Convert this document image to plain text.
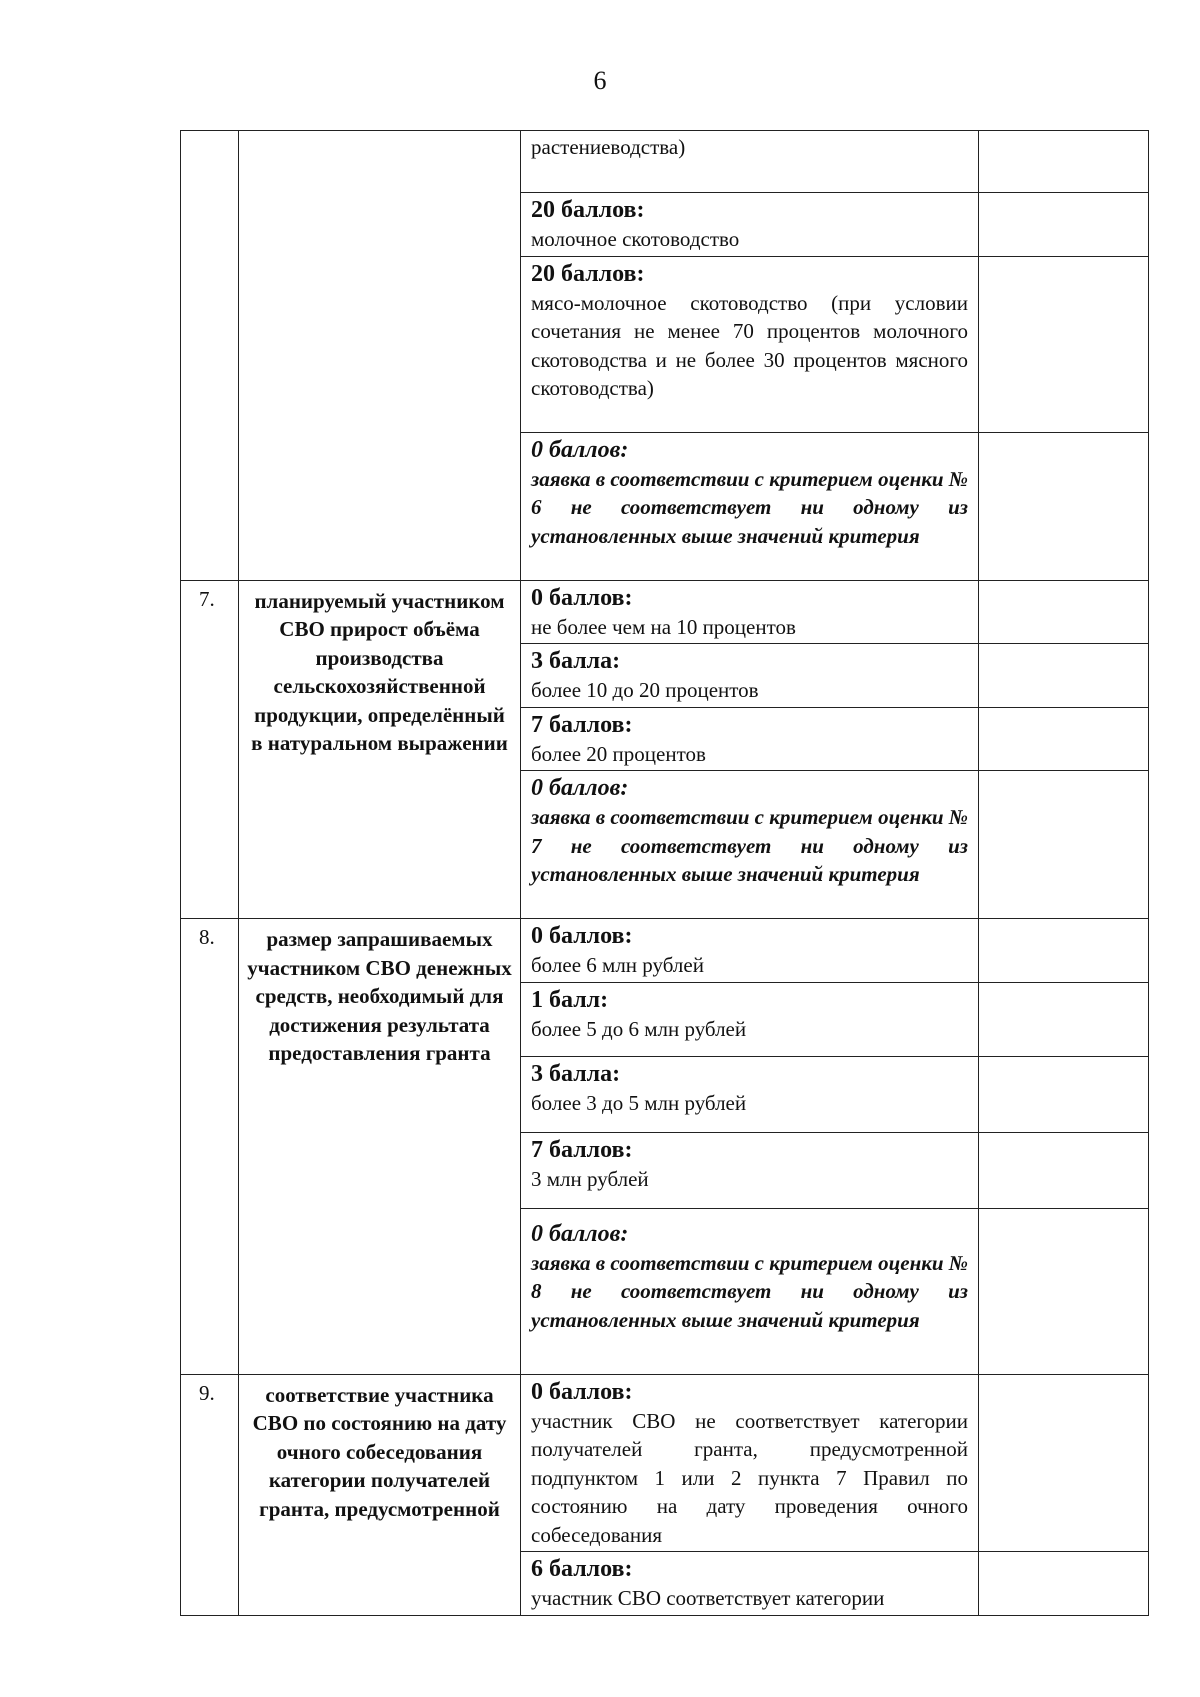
6

		растениеводства)	

		20 баллов:
молочное скотоводство	

		20 баллов:
мясо-молочное скотоводство (при условии сочетания не менее 70 процентов молочного скотоводства и не более 30 процентов мясного скотоводства)	

		0 баллов:
заявка в соответствии с критерием оценки № 6 не соответствует ни одному из установленных выше значений критерия	

7.	планируемый участником СВО прирост объёма производства сельскохозяйственной продукции, определённый в натуральном выражении	0 баллов:
не более чем на 10 процентов	

		3 балла:
более 10 до 20 процентов	

		7 баллов:
более 20 процентов	

		0 баллов:
заявка в соответствии с критерием оценки № 7 не соответствует ни одному из установленных выше значений критерия	

8.	размер запрашиваемых участником СВО денежных средств, необходимый для достижения результата предоставления гранта	0 баллов:
более 6 млн рублей	

		1 балл:
более 5 до 6 млн рублей	

		3 балла:
более 3 до 5 млн рублей	

		7 баллов:
3 млн рублей	

		0 баллов:
заявка в соответствии с критерием оценки № 8 не соответствует ни одному из установленных выше значений критерия	

9.	соответствие участника СВО по состоянию на дату очного собеседования категории получателей гранта, предусмотренной	0 баллов:
участник СВО не соответствует категории получателей гранта, предусмотренной подпунктом 1 или 2 пункта 7 Правил по состоянию на дату проведения очного собеседования	

		6 баллов:
участник СВО соответствует категории	
